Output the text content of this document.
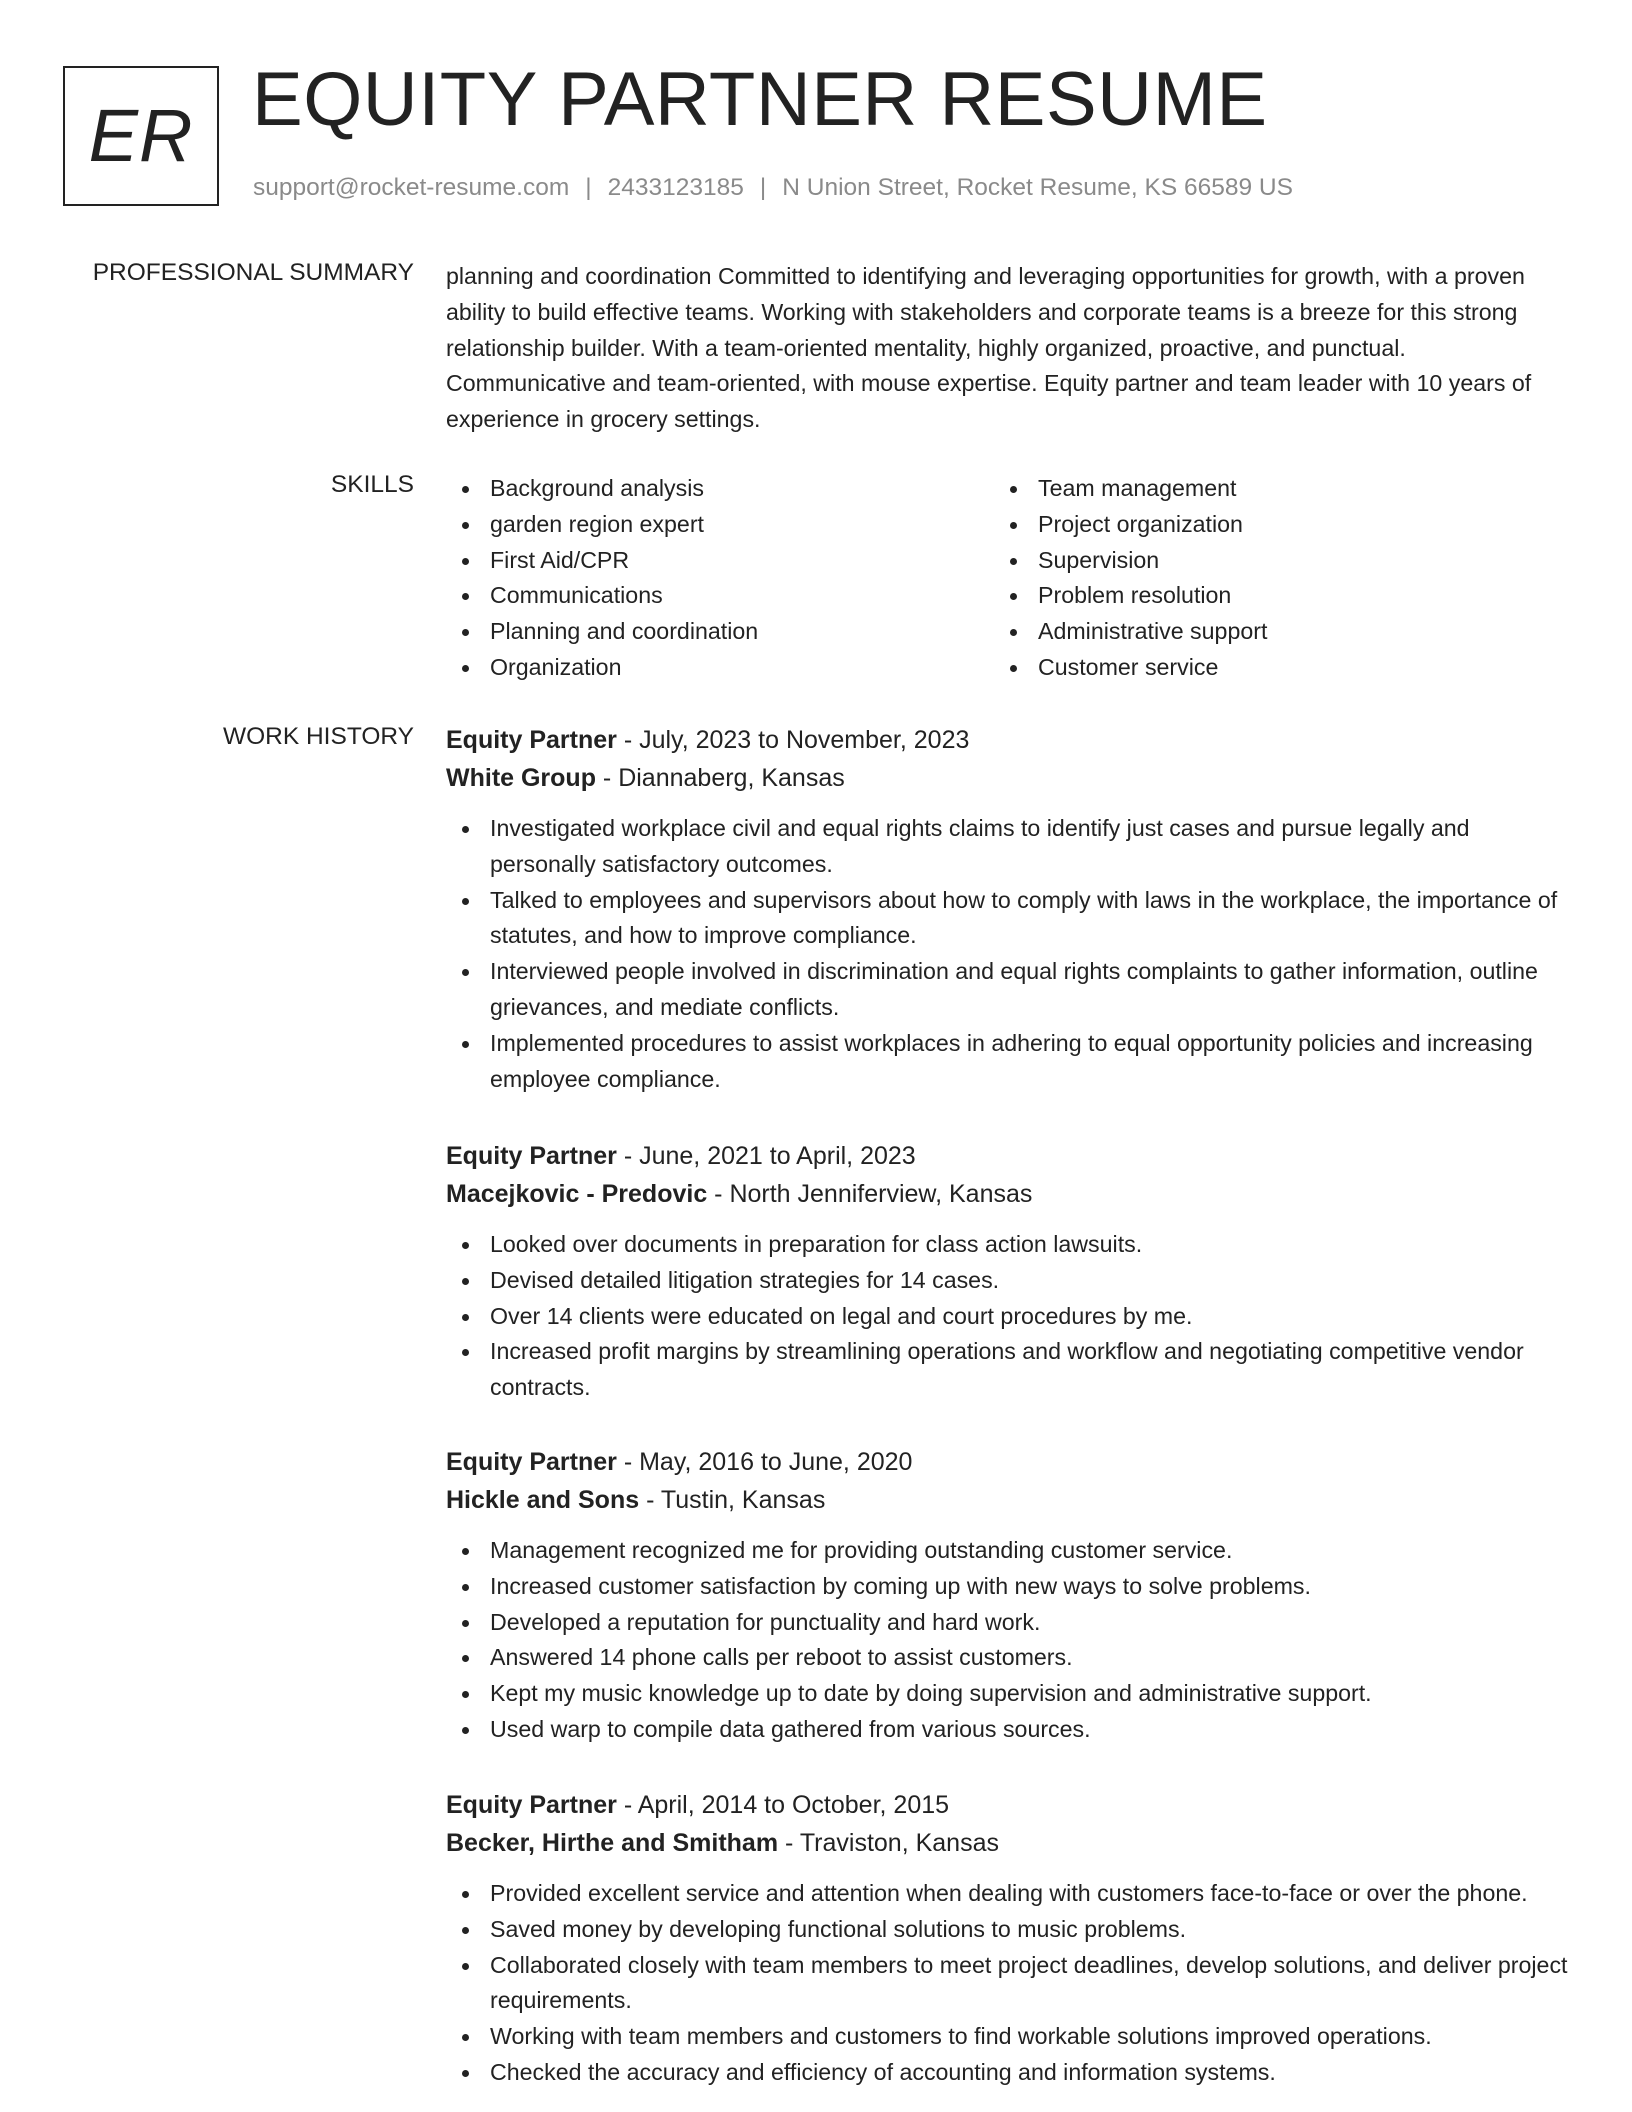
ER EQUITY PARTNER RESUME
support@rocket-resume.com | 2433123185 | N Union Street, Rocket Resume, KS 66589 US
PROFESSIONAL SUMMARY planning and coordination Committed to identifying and leveraging opportunities for growth, with a proven ability to build effective teams. Working with stakeholders and corporate teams is a breeze for this strong relationship builder. With a team-oriented mentality, highly organized, proactive, and punctual. Communicative and team-oriented, with mouse expertise. Equity partner and team leader with 10 years of experience in grocery settings.

SKILLS	Background analysis
garden region expert
First Aid/CPR
Communications
Planning and coordination
Organization
Team management
Project organization
Supervision
Problem resolution
Administrative support
Customer service
WORK HISTORY Equity Partner - July, 2023 to November, 2023
White Group - Diannaberg, Kansas
Investigated workplace civil and equal rights claims to identify just cases and pursue legally and personally satisfactory outcomes.
Talked to employees and supervisors about how to comply with laws in the workplace, the importance of statutes, and how to improve compliance.
Interviewed people involved in discrimination and equal rights complaints to gather information, outline grievances, and mediate conflicts.
Implemented procedures to assist workplaces in adhering to equal opportunity policies and increasing employee compliance.
Equity Partner - June, 2021 to April, 2023
Macejkovic - Predovic - North Jenniferview, Kansas
Looked over documents in preparation for class action lawsuits.
Devised detailed litigation strategies for 14 cases.
Over 14 clients were educated on legal and court procedures by me.
Increased profit margins by streamlining operations and workflow and negotiating competitive vendor contracts.
Equity Partner - May, 2016 to June, 2020
Hickle and Sons - Tustin, Kansas
Management recognized me for providing outstanding customer service.
Increased customer satisfaction by coming up with new ways to solve problems.
Developed a reputation for punctuality and hard work.
Answered 14 phone calls per reboot to assist customers.
Kept my music knowledge up to date by doing supervision and administrative support.
Used warp to compile data gathered from various sources.
Equity Partner - April, 2014 to October, 2015
Becker, Hirthe and Smitham - Traviston, Kansas
Provided excellent service and attention when dealing with customers face-to-face or over the phone.
Saved money by developing functional solutions to music problems.
Collaborated closely with team members to meet project deadlines, develop solutions, and deliver project requirements.
Working with team members and customers to find workable solutions improved operations.
Checked the accuracy and efficiency of accounting and information systems.
